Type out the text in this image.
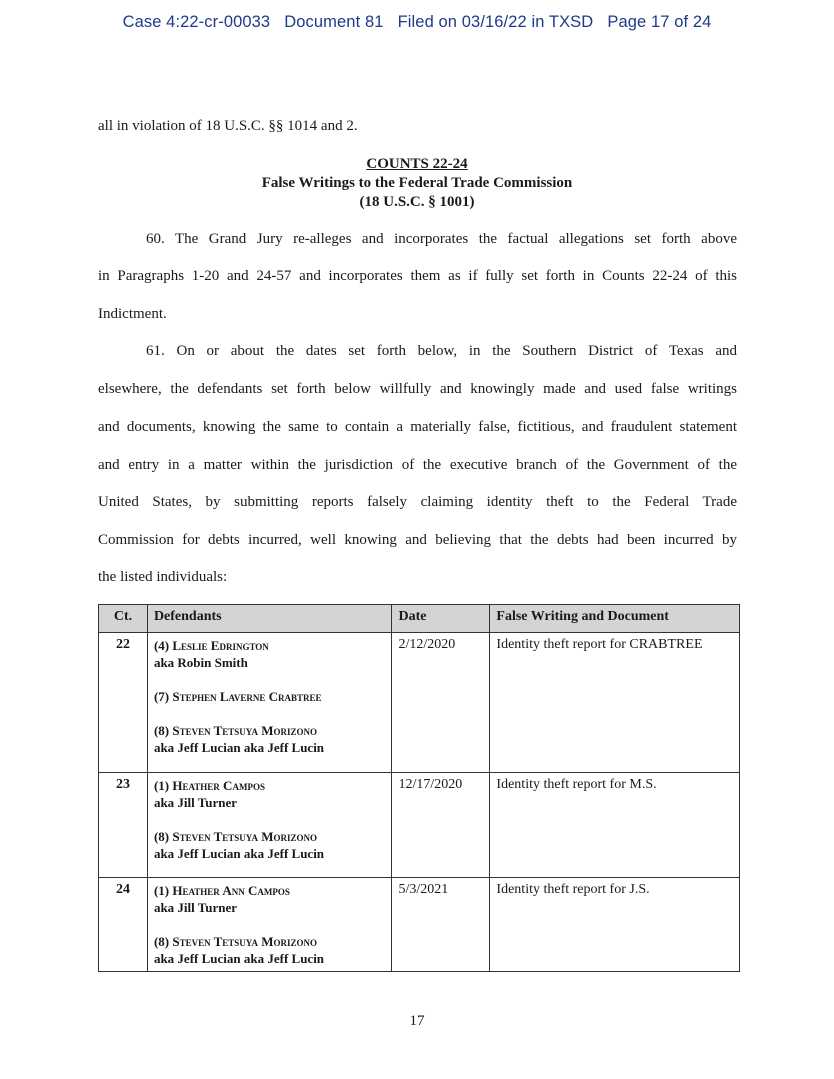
Case 4:22-cr-00033 Document 81 Filed on 03/16/22 in TXSD Page 17 of 24
all in violation of 18 U.S.C. §§ 1014 and 2.
COUNTS 22-24
False Writings to the Federal Trade Commission
(18 U.S.C. § 1001)
60. The Grand Jury re-alleges and incorporates the factual allegations set forth above
in Paragraphs 1-20 and 24-57 and incorporates them as if fully set forth in Counts 22-24 of this
Indictment.
61. On or about the dates set forth below, in the Southern District of Texas and
elsewhere, the defendants set forth below willfully and knowingly made and used false writings
and documents, knowing the same to contain a materially false, fictitious, and fraudulent statement
and entry in a matter within the jurisdiction of the executive branch of the Government of the
United States, by submitting reports falsely claiming identity theft to the Federal Trade
Commission for debts incurred, well knowing and believing that the debts had been incurred by
the listed individuals:
Ct.	Defendants	Date	False Writing and Document
22	(4) Leslie Edrington
aka Robin Smith
(7) Stephen Laverne Crabtree
(8) Steven Tetsuya Morizono
aka Jeff Lucian aka Jeff Lucin	2/12/2020	Identity theft report for CRABTREE
23	(1) Heather Campos
aka Jill Turner
(8) Steven Tetsuya Morizono
aka Jeff Lucian aka Jeff Lucin	12/17/2020	Identity theft report for M.S.
24	(1) Heather Ann Campos
aka Jill Turner
(8) Steven Tetsuya Morizono
aka Jeff Lucian aka Jeff Lucin	5/3/2021	Identity theft report for J.S.
17
